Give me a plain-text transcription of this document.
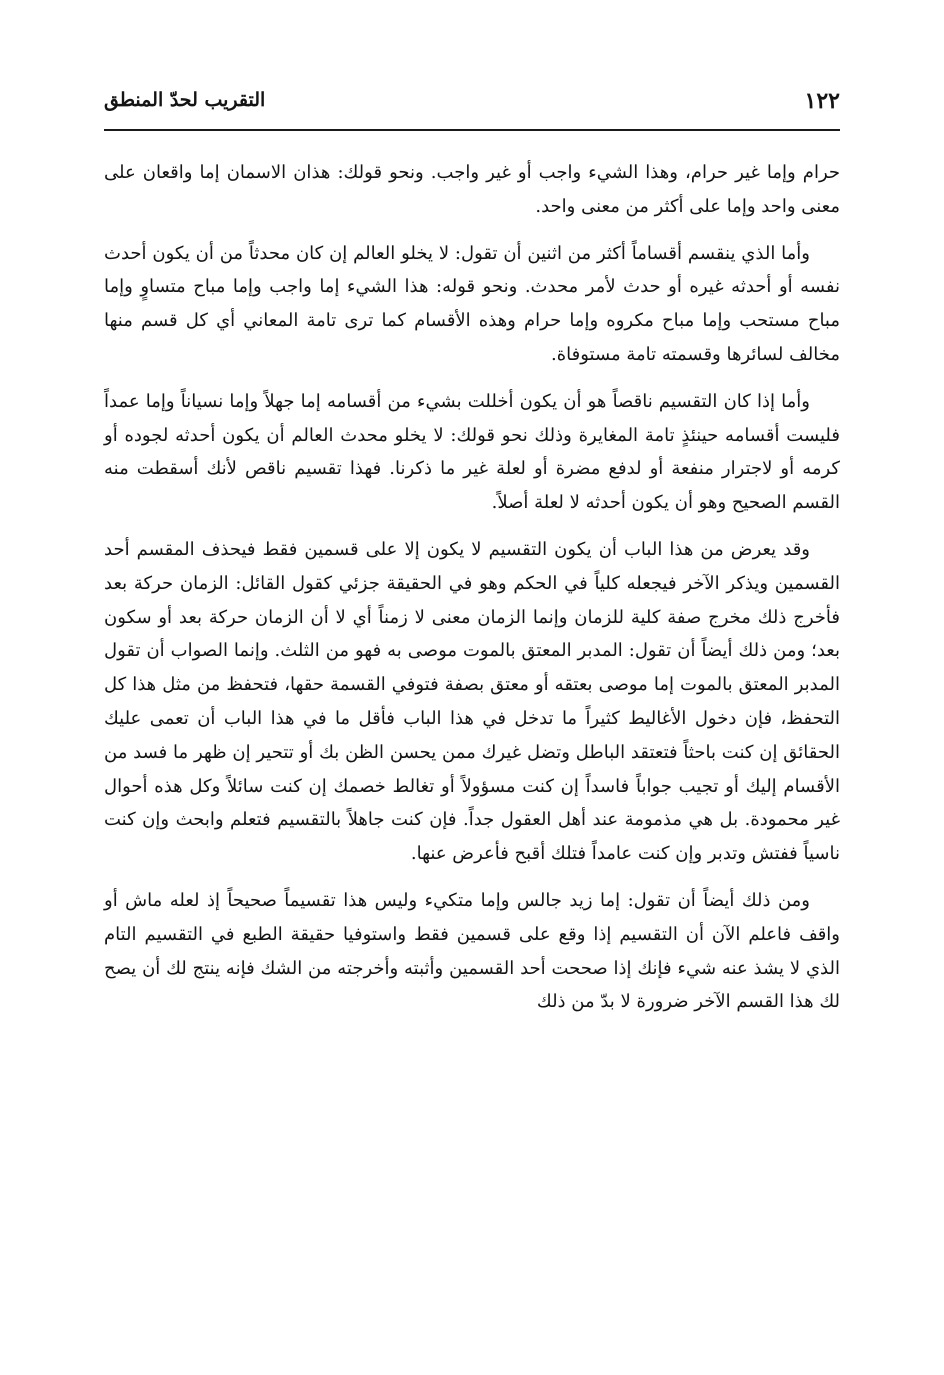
١٢٢
التقريب لحدّ المنطق

حرام وإما غير حرام، وهذا الشيء واجب أو غير واجب. ونحو قولك: هذان الاسمان إما واقعان على معنى واحد وإما على أكثر من معنى واحد.

وأما الذي ينقسم أقساماً أكثر من اثنين أن تقول: لا يخلو العالم إن كان محدثاً من أن يكون أحدث نفسه أو أحدثه غيره أو حدث لأمر محدث. ونحو قوله: هذا الشيء إما واجب وإما مباح متساوٍ وإما مباح مستحب وإما مباح مكروه وإما حرام وهذه الأقسام كما ترى تامة المعاني أي كل قسم منها مخالف لسائرها وقسمته تامة مستوفاة.

وأما إذا كان التقسيم ناقصاً هو أن يكون أخللت بشيء من أقسامه إما جهلاً وإما نسياناً وإما عمداً فليست أقسامه حينئذٍ تامة المغايرة وذلك نحو قولك: لا يخلو محدث العالم أن يكون أحدثه لجوده أو كرمه أو لاجترار منفعة أو لدفع مضرة أو لعلة غير ما ذكرنا. فهذا تقسيم ناقص لأنك أسقطت منه القسم الصحيح وهو أن يكون أحدثه لا لعلة أصلاً.

وقد يعرض من هذا الباب أن يكون التقسيم لا يكون إلا على قسمين فقط فيحذف المقسم أحد القسمين ويذكر الآخر فيجعله كلياً في الحكم وهو في الحقيقة جزئي كقول القائل: الزمان حركة بعد فأخرج ذلك مخرج صفة كلية للزمان وإنما الزمان معنى لا زمناً أي لا أن الزمان حركة بعد أو سكون بعد؛ ومن ذلك أيضاً أن تقول: المدبر المعتق بالموت موصى به فهو من الثلث. وإنما الصواب أن تقول المدبر المعتق بالموت إما موصى بعتقه أو معتق بصفة فتوفي القسمة حقها، فتحفظ من مثل هذا كل التحفظ، فإن دخول الأغاليط كثيراً ما تدخل في هذا الباب فأقل ما في هذا الباب أن تعمى عليك الحقائق إن كنت باحثاً فتعتقد الباطل وتضل غيرك ممن يحسن الظن بك أو تتحير إن ظهر ما فسد من الأقسام إليك أو تجيب جواباً فاسداً إن كنت مسؤولاً أو تغالط خصمك إن كنت سائلاً وكل هذه أحوال غير محمودة. بل هي مذمومة عند أهل العقول جداً. فإن كنت جاهلاً بالتقسيم فتعلم وابحث وإن كنت ناسياً ففتش وتدبر وإن كنت عامداً فتلك أقبح فأعرض عنها.

ومن ذلك أيضاً أن تقول: إما زيد جالس وإما متكيء وليس هذا تقسيماً صحيحاً إذ لعله ماش أو واقف فاعلم الآن أن التقسيم إذا وقع على قسمين فقط واستوفيا حقيقة الطبع في التقسيم التام الذي لا يشذ عنه شيء فإنك إذا صححت أحد القسمين وأثبته وأخرجته من الشك فإنه ينتج لك أن يصح لك هذا القسم الآخر ضرورة لا بدّ من ذلك
